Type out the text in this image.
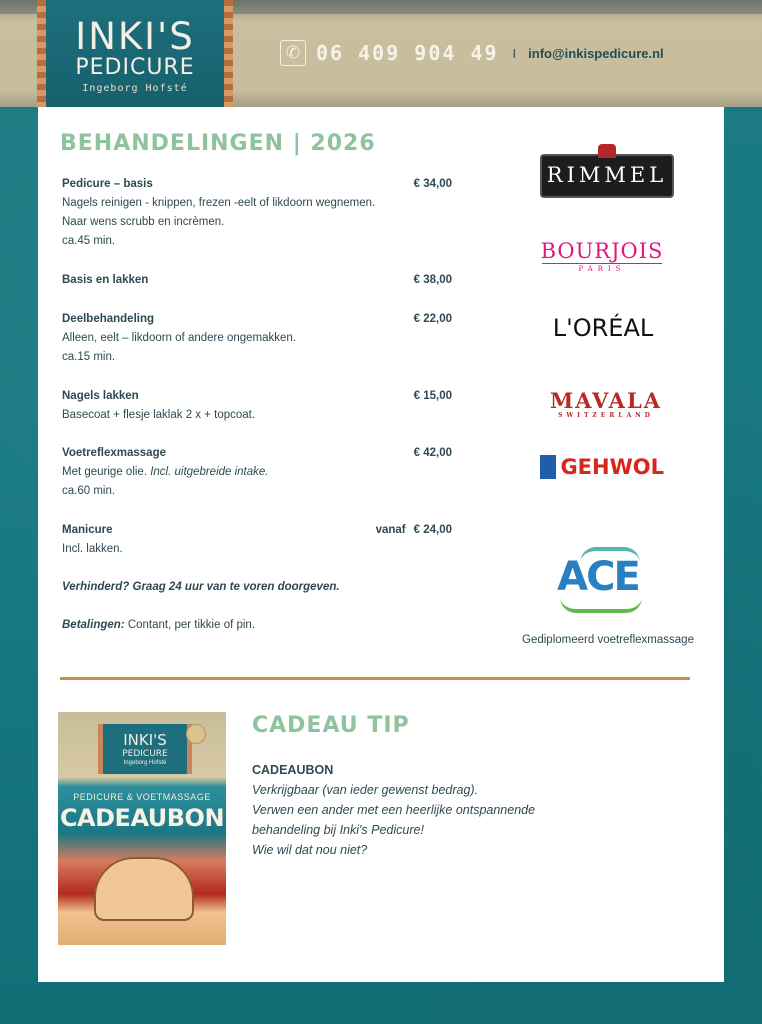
INKI'S
PEDICURE
Ingeborg Hofsté
✆ 06 409 904 49 I info@inkispedicure.nl
BEHANDELINGEN | 2026
Pedicure – basis	€ 34,00
Nagels reinigen - knippen, frezen -eelt of likdoorn wegnemen.
Naar wens scrubb en incrèmen.
ca.45 min.
Basis en lakken	€ 38,00
Deelbehandeling	€ 22,00
Alleen, eelt – likdoorn of andere ongemakken.
ca.15 min.
Nagels lakken	€ 15,00
Basecoat + flesje laklak 2 x + topcoat.
Voetreflexmassage	€ 42,00
Met geurige olie. Incl. uitgebreide intake.
ca.60 min.
Manicure	vanaf € 24,00
Incl. lakken.
Verhinderd? Graag 24 uur van te voren doorgeven.
Betalingen: Contant, per tikkie of pin.
RIMMEL
BOURJOIS
PARIS
L'ORÉAL
MAVALA
SWITZERLAND
GEHWOL
ACE
Gediplomeerd voetreflexmassage
INKI'S
PEDICURE
Ingeborg Hofsté
PEDICURE & VOETMASSAGE
CADEAUBON
CADEAU TIP
CADEAUBON
Verkrijgbaar (van ieder gewenst bedrag).
Verwen een ander met een heerlijke ontspannende
behandeling bij Inki's Pedicure!
Wie wil dat nou niet?
